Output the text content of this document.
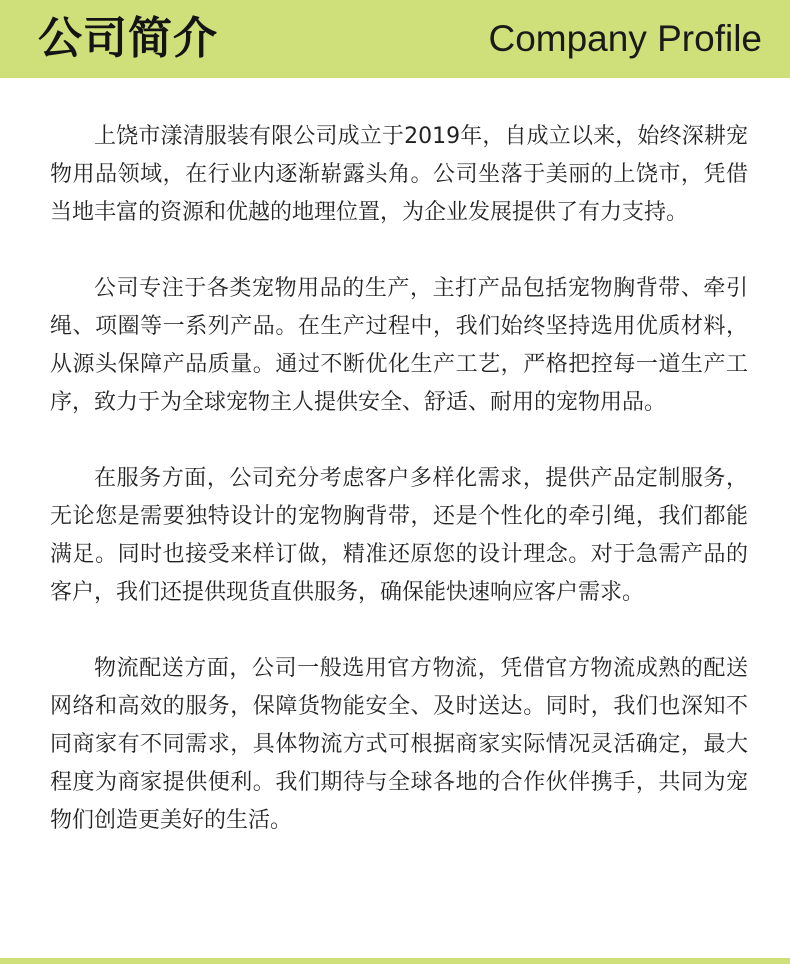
公司简介	Company Profile

上饶市漾清服装有限公司成立于2019年，自成立以来，始终深耕宠物用品领域，在行业内逐渐崭露头角。公司坐落于美丽的上饶市，凭借当地丰富的资源和优越的地理位置，为企业发展提供了有力支持。

公司专注于各类宠物用品的生产，主打产品包括宠物胸背带、牵引绳、项圈等一系列产品。在生产过程中，我们始终坚持选用优质材料，从源头保障产品质量。通过不断优化生产工艺，严格把控每一道生产工序，致力于为全球宠物主人提供安全、舒适、耐用的宠物用品。

在服务方面，公司充分考虑客户多样化需求，提供产品定制服务，无论您是需要独特设计的宠物胸背带，还是个性化的牵引绳，我们都能满足。同时也接受来样订做，精准还原您的设计理念。对于急需产品的客户，我们还提供现货直供服务，确保能快速响应客户需求。

物流配送方面，公司一般选用官方物流，凭借官方物流成熟的配送网络和高效的服务，保障货物能安全、及时送达。同时，我们也深知不同商家有不同需求，具体物流方式可根据商家实际情况灵活确定，最大程度为商家提供便利。我们期待与全球各地的合作伙伴携手，共同为宠物们创造更美好的生活。
